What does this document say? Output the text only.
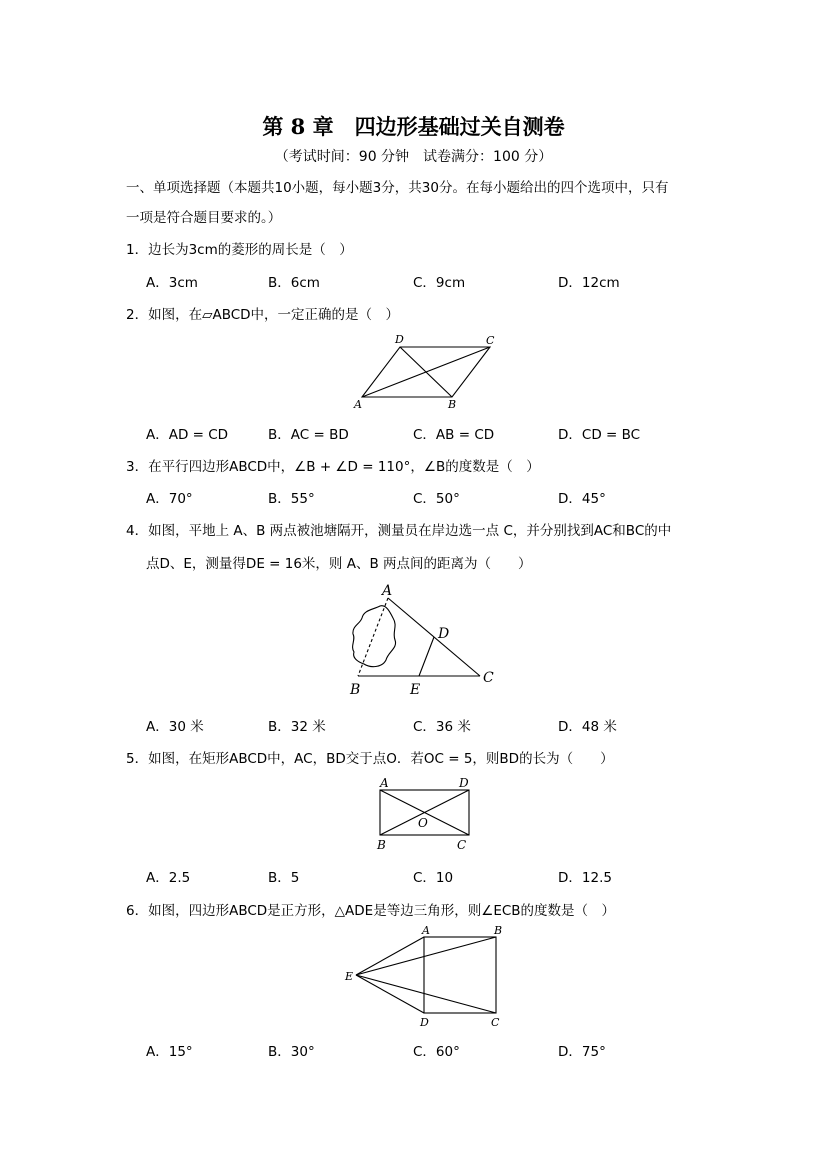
第 8 章　四边形基础过关自测卷
（考试时间：90 分钟　试卷满分：100 分）
一、单项选择题（本题共10小题，每小题3分，共30分。在每小题给出的四个选项中，只有
一项是符合题目要求的。）
1．边长为3cm的菱形的周长是（　）
A．3cm	B．6cm	C．9cm	D．12cm
2．如图，在▱ABCD中，一定正确的是（　）
D	C
A	B
A．AD = CD	B．AC = BD	C．AB = CD	D．CD = BC
3．在平行四边形ABCD中，∠B + ∠D = 110°，∠B的度数是（　）
A．70°	B．55°	C．50°	D．45°
4．如图，平地上 A、B 两点被池塘隔开，测量员在岸边选一点 C，并分别找到AC和BC的中
点D、E，测量得DE = 16米，则 A、B 两点间的距离为（　　）
A
D
B	E
C
A．30 米	B．32 米	C．36 米	D．48 米
5．如图，在矩形ABCD中，AC，BD交于点O．若OC = 5，则BD的长为（　　）
A	D
O
B	C
A．2.5	B．5	C．10	D．12.5
6．如图，四边形ABCD是正方形，△ADE是等边三角形，则∠ECB的度数是（　）
A	B
E
D	C
A．15°	B．30°	C．60°	D．75°
